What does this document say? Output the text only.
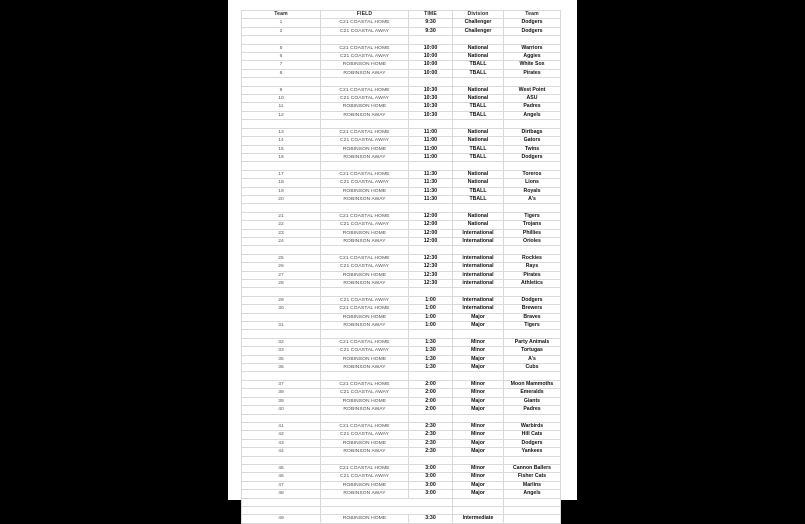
Team	FIELD	TIME	Division	Team
1	C21 COASTAL HOME	9:30	Challenger	Dodgers
2	C21 COASTAL AWAY	9:30	Challenger	Dodgers

5	C21 COASTAL HOME	10:00	National	Warriors
6	C21 COASTAL AWAY	10:00	National	Aggies
7	ROBINSON HOME	10:00	TBALL	White Sox
8	ROBINSON AWAY	10:00	TBALL	Pirates

9	C21 COASTAL HOME	10:30	National	West Point
10	C21 COASTAL AWAY	10:30	National	ASU
11	ROBINSON HOME	10:30	TBALL	Padres
12	ROBINSON AWAY	10:30	TBALL	Angels

13	C21 COASTAL HOME	11:00	National	Dirtbags
14	C21 COASTAL AWAY	11:00	National	Gators
15	ROBINSON HOME	11:00	TBALL	Twins
16	ROBINSON AWAY	11:00	TBALL	Dodgers

17	C21 COASTAL HOME	11:30	National	Toreros
18	C21 COASTAL AWAY	11:30	National	Lions
19	ROBINSON HOME	11:30	TBALL	Royals
20	ROBINSON AWAY	11:30	TBALL	A's

21	C21 COASTAL HOME	12:00	National	Tigers
22	C21 COASTAL AWAY	12:00	National	Trojans
23	ROBINSON HOME	12:00	International	Phillies
24	ROBINSON AWAY	12:00	International	Orioles

25	C21 COASTAL HOME	12:30	international	Rockies
26	C21 COASTAL AWAY	12:30	international	Rays
27	ROBINSON HOME	12:30	international	Pirates
28	ROBINSON AWAY	12:30	international	Athletics

29	C21 COASTAL AWAY	1:00	International	Dodgers
30	C21 COASTAL HOME	1:00	International	Brewers
	ROBINSON HOME	1:00	Major	Braves
31	ROBINSON AWAY	1:00	Major	Tigers

32	C21 COASTAL HOME	1:30	Minor	Party Animals
33	C21 COASTAL AWAY	1:30	Minor	Tortugas
35	ROBINSON HOME	1:30	Major	A's
36	ROBINSON AWAY	1:30	Major	Cubs

37	C21 COASTAL HOME	2:00	Minor	Moon Mammoths
38	C21 COASTAL AWAY	2:00	Minor	Emeralds
39	ROBINSON HOME	2:00	Major	Giants
40	ROBINSON AWAY	2:00	Major	Padres

41	C21 COASTAL HOME	2:30	Minor	Warbirds
42	C21 COASTAL AWAY	2:30	Minor	Hill Cats
43	ROBINSON HOME	2:30	Major	Dodgers
44	ROBINSON AWAY	2:30	Major	Yankees

45	C21 COASTAL HOME	3:00	Minor	Cannon Ballers
46	C21 COASTAL AWAY	3:00	Minor	Fisher Cats
47	ROBINSON HOME	3:00	Major	Marlins
48	ROBINSON AWAY	3:00	Major	Angels

49	ROBINSON HOME	3:30	Intermediate	
